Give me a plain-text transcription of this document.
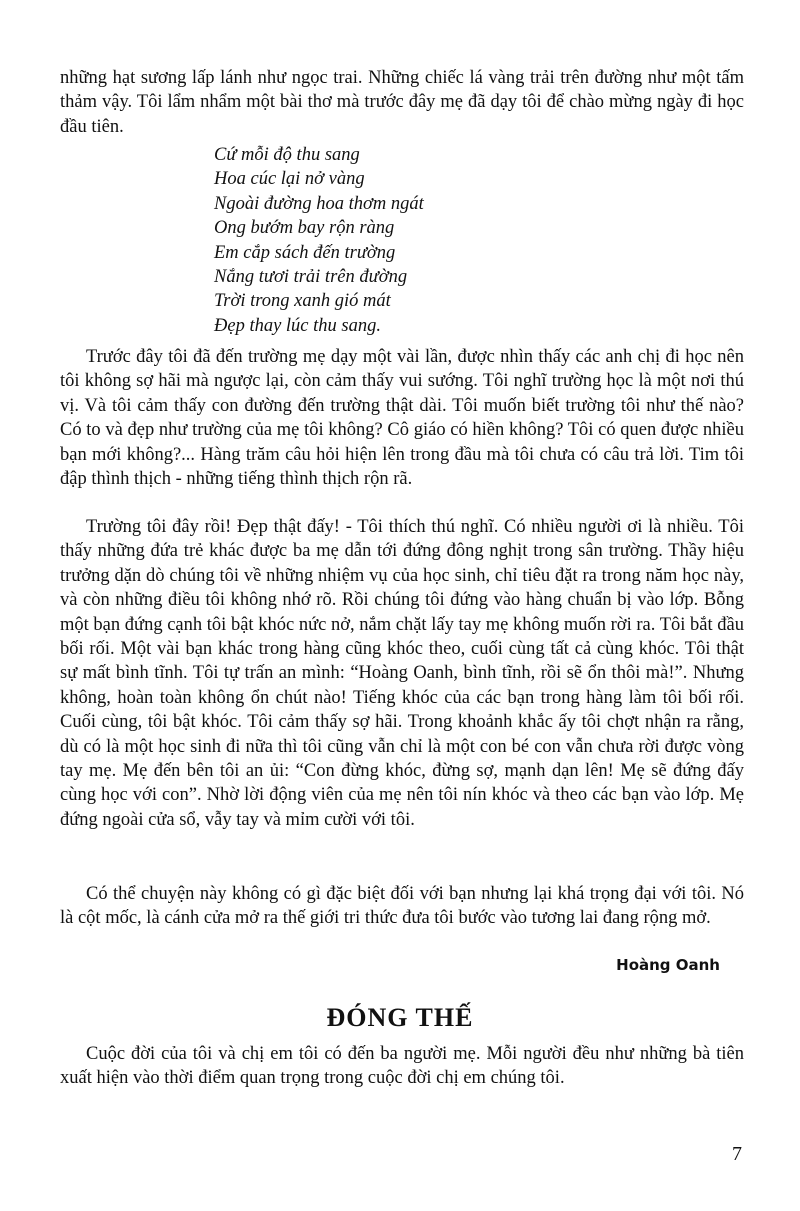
những hạt sương lấp lánh như ngọc trai. Những chiếc lá vàng trải trên đường như một tấm thảm vậy. Tôi lẩm nhẩm một bài thơ mà trước đây mẹ đã dạy tôi để chào mừng ngày đi học đầu tiên.

Cứ mỗi độ thu sang
Hoa cúc lại nở vàng
Ngoài đường hoa thơm ngát
Ong bướm bay rộn ràng
Em cắp sách đến trường
Nắng tươi trải trên đường
Trời trong xanh gió mát
Đẹp thay lúc thu sang.

Trước đây tôi đã đến trường mẹ dạy một vài lần, được nhìn thấy các anh chị đi học nên tôi không sợ hãi mà ngược lại, còn cảm thấy vui sướng. Tôi nghĩ trường học là một nơi thú vị. Và tôi cảm thấy con đường đến trường thật dài. Tôi muốn biết trường tôi như thế nào? Có to và đẹp như trường của mẹ tôi không? Cô giáo có hiền không? Tôi có quen được nhiều bạn mới không?... Hàng trăm câu hỏi hiện lên trong đầu mà tôi chưa có câu trả lời. Tim tôi đập thình thịch - những tiếng thình thịch rộn rã.

Trường tôi đây rồi! Đẹp thật đấy! - Tôi thích thú nghĩ. Có nhiều người ơi là nhiều. Tôi thấy những đứa trẻ khác được ba mẹ dẫn tới đứng đông nghịt trong sân trường. Thầy hiệu trưởng dặn dò chúng tôi về những nhiệm vụ của học sinh, chỉ tiêu đặt ra trong năm học này, và còn những điều tôi không nhớ rõ. Rồi chúng tôi đứng vào hàng chuẩn bị vào lớp. Bỗng một bạn đứng cạnh tôi bật khóc nức nở, nắm chặt lấy tay mẹ không muốn rời ra. Tôi bắt đầu bối rối. Một vài bạn khác trong hàng cũng khóc theo, cuối cùng tất cả cùng khóc. Tôi thật sự mất bình tĩnh. Tôi tự trấn an mình: “Hoàng Oanh, bình tĩnh, rồi sẽ ổn thôi mà!”. Nhưng không, hoàn toàn không ổn chút nào! Tiếng khóc của các bạn trong hàng làm tôi bối rối. Cuối cùng, tôi bật khóc. Tôi cảm thấy sợ hãi. Trong khoảnh khắc ấy tôi chợt nhận ra rằng, dù có là một học sinh đi nữa thì tôi cũng vẫn chỉ là một con bé con vẫn chưa rời được vòng tay mẹ. Mẹ đến bên tôi an ủi: “Con đừng khóc, đừng sợ, mạnh dạn lên! Mẹ sẽ đứng đấy cùng học với con”. Nhờ lời động viên của mẹ nên tôi nín khóc và theo các bạn vào lớp. Mẹ đứng ngoài cửa sổ, vẫy tay và mỉm cười với tôi.

Có thể chuyện này không có gì đặc biệt đối với bạn nhưng lại khá trọng đại với tôi. Nó là cột mốc, là cánh cửa mở ra thế giới tri thức đưa tôi bước vào tương lai đang rộng mở.

Hoàng Oanh
ĐÓNG THẾ

Cuộc đời của tôi và chị em tôi có đến ba người mẹ. Mỗi người đều như những bà tiên xuất hiện vào thời điểm quan trọng trong cuộc đời chị em chúng tôi.

7
